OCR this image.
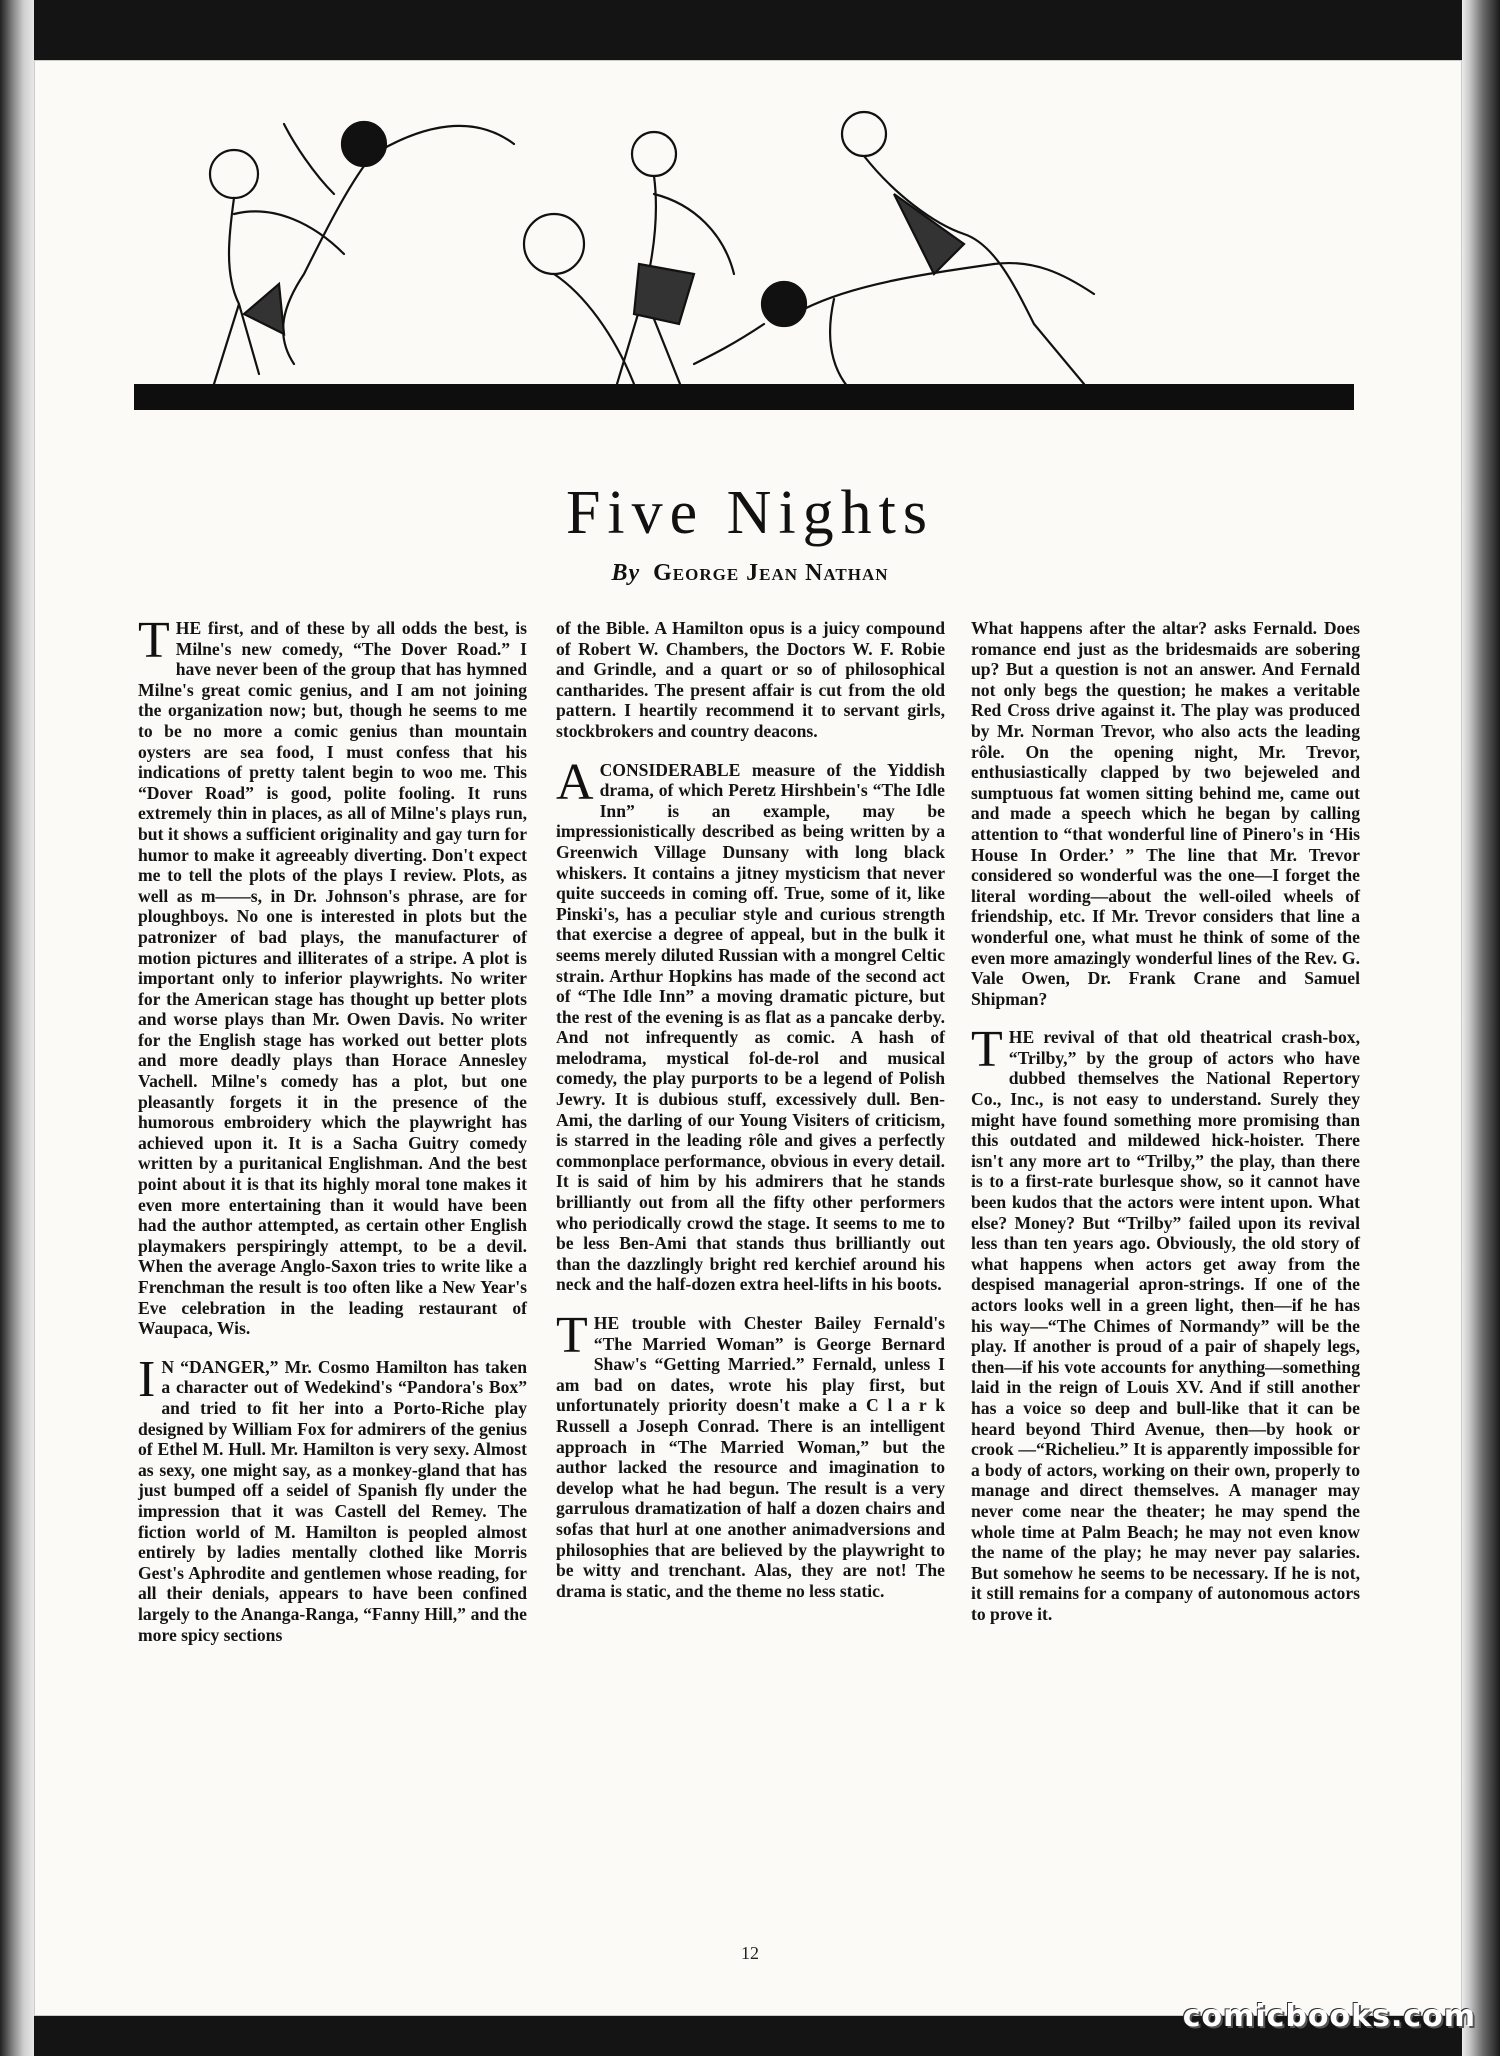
Five Nights
By George Jean Nathan

THE first, and of these by all odds the best, is Milne's new comedy, “The Dover Road.” I have never been of the group that has hymned Milne's great comic genius, and I am not joining the organization now; but, though he seems to me to be no more a comic genius than mountain oysters are sea food, I must confess that his indications of pretty talent begin to woo me. This “Dover Road” is good, polite fooling. It runs extremely thin in places, as all of Milne's plays run, but it shows a sufficient originality and gay turn for humor to make it agreeably diverting. Don't expect me to tell the plots of the plays I review. Plots, as well as m——s, in Dr. Johnson's phrase, are for ploughboys. No one is interested in plots but the patronizer of bad plays, the manufacturer of motion pictures and illiterates of a stripe. A plot is important only to inferior playwrights. No writer for the American stage has thought up better plots and worse plays than Mr. Owen Davis. No writer for the English stage has worked out better plots and more deadly plays than Horace Annesley Vachell. Milne's comedy has a plot, but one pleasantly forgets it in the presence of the humorous embroidery which the playwright has achieved upon it. It is a Sacha Guitry comedy written by a puritanical Englishman. And the best point about it is that its highly moral tone makes it even more entertaining than it would have been had the author attempted, as certain other English playmakers perspiringly attempt, to be a devil. When the average Anglo-Saxon tries to write like a Frenchman the result is too often like a New Year's Eve celebration in the leading restaurant of Waupaca, Wis.

I N “DANGER,” Mr. Cosmo Hamilton has taken a character out of Wedekind's “Pandora's Box” and tried to fit her into a Porto-Riche play designed by William Fox for admirers of the genius of Ethel M. Hull. Mr. Hamilton is very sexy. Almost as sexy, one might say, as a monkey-gland that has just bumped off a seidel of Spanish fly under the impression that it was Castell del Remey. The fiction world of M. Hamilton is peopled almost entirely by ladies mentally clothed like Morris Gest's Aphrodite and gentlemen whose reading, for all their denials, appears to have been confined largely to the Ananga-Ranga, “Fanny Hill,” and the more spicy sections

of the Bible. A Hamilton opus is a juicy compound of Robert W. Chambers, the Doctors W. F. Robie and Grindle, and a quart or so of philosophical cantharides. The present affair is cut from the old pattern. I heartily recommend it to servant girls, stockbrokers and country deacons.

ACONSIDERABLE measure of the Yiddish drama, of which Peretz Hirshbein's “The Idle Inn” is an example, may be impressionistically described as being written by a Greenwich Village Dunsany with long black whiskers. It contains a jitney mysticism that never quite succeeds in coming off. True, some of it, like Pinski's, has a peculiar style and curious strength that exercise a degree of appeal, but in the bulk it seems merely diluted Russian with a mongrel Celtic strain. Arthur Hopkins has made of the second act of “The Idle Inn” a moving dramatic picture, but the rest of the evening is as flat as a pancake derby. And not infrequently as comic. A hash of melodrama, mystical fol-de-rol and musical comedy, the play purports to be a legend of Polish Jewry. It is dubious stuff, excessively dull. Ben-Ami, the darling of our Young Visiters of criticism, is starred in the leading rôle and gives a perfectly commonplace performance, obvious in every detail. It is said of him by his admirers that he stands brilliantly out from all the fifty other performers who periodically crowd the stage. It seems to me to be less Ben-Ami that stands thus brilliantly out than the dazzlingly bright red kerchief around his neck and the half-dozen extra heel-lifts in his boots.

THE trouble with Chester Bailey Fernald's “The Married Woman” is George Bernard Shaw's “Getting Married.” Fernald, unless I am bad on dates, wrote his play first, but unfortunately priority doesn't make a C l a r k Russell a Joseph Conrad. There is an intelligent approach in “The Married Woman,” but the author lacked the resource and imagination to develop what he had begun. The result is a very garrulous dramatization of half a dozen chairs and sofas that hurl at one another animadversions and philosophies that are believed by the playwright to be witty and trenchant. Alas, they are not! The drama is static, and the theme no less static.

What happens after the altar? asks Fernald. Does romance end just as the bridesmaids are sobering up? But a question is not an answer. And Fernald not only begs the question; he makes a veritable Red Cross drive against it. The play was produced by Mr. Norman Trevor, who also acts the leading rôle. On the opening night, Mr. Trevor, enthusiastically clapped by two bejeweled and sumptuous fat women sitting behind me, came out and made a speech which he began by calling attention to “that wonderful line of Pinero's in ‘His House In Order.’ ” The line that Mr. Trevor considered so wonderful was the one—I forget the literal wording—about the well-oiled wheels of friendship, etc. If Mr. Trevor considers that line a wonderful one, what must he think of some of the even more amazingly wonderful lines of the Rev. G. Vale Owen, Dr. Frank Crane and Samuel Shipman?

THE revival of that old theatrical crash-box, “Trilby,” by the group of actors who have dubbed themselves the National Repertory Co., Inc., is not easy to understand. Surely they might have found something more promising than this outdated and mildewed hick-hoister. There isn't any more art to “Trilby,” the play, than there is to a first-rate burlesque show, so it cannot have been kudos that the actors were intent upon. What else? Money? But “Trilby” failed upon its revival less than ten years ago. Obviously, the old story of what happens when actors get away from the despised managerial apron-strings. If one of the actors looks well in a green light, then—if he has his way—“The Chimes of Normandy” will be the play. If another is proud of a pair of shapely legs, then—if his vote accounts for anything—something laid in the reign of Louis XV. And if still another has a voice so deep and bull-like that it can be heard beyond Third Avenue, then—by hook or crook —“Richelieu.” It is apparently impossible for a body of actors, working on their own, properly to manage and direct themselves. A manager may never come near the theater; he may spend the whole time at Palm Beach; he may not even know the name of the play; he may never pay salaries. But somehow he seems to be necessary. If he is not, it still remains for a company of autonomous actors to prove it.

12
comicbooks.com
